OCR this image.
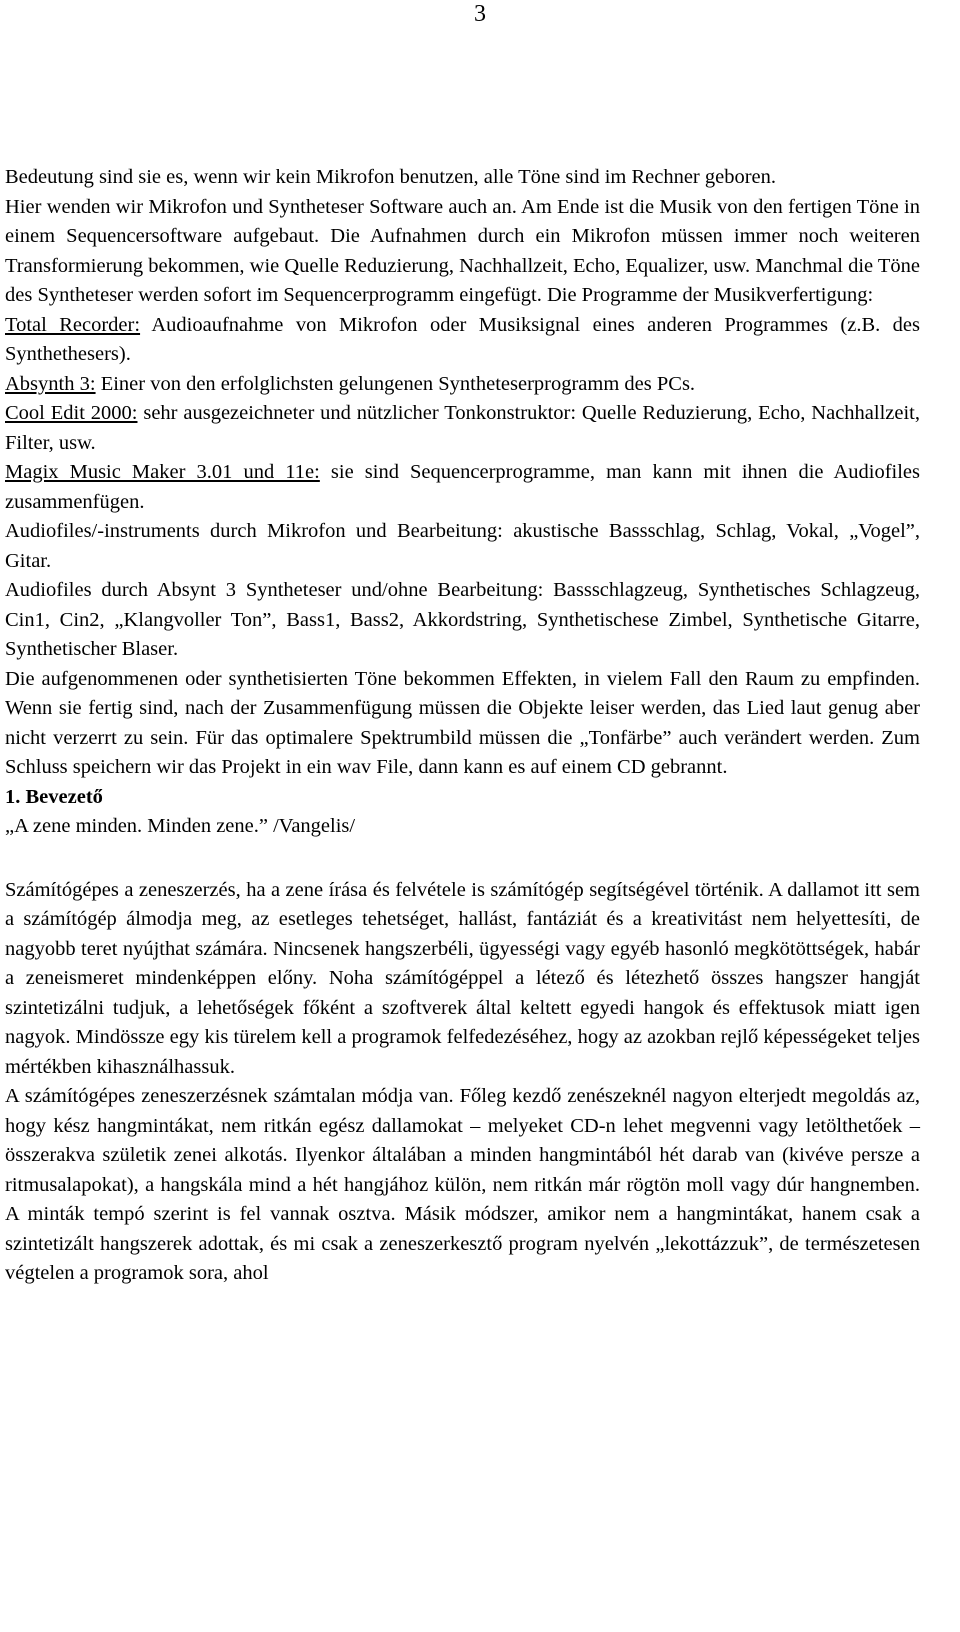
3

Bedeutung sind sie es, wenn wir kein Mikrofon benutzen, alle Töne sind im Rechner geboren.

Hier wenden wir Mikrofon und Syntheteser Software auch an. Am Ende ist die Musik von den fertigen Töne in einem Sequencersoftware aufgebaut. Die Aufnahmen durch ein Mikrofon müssen immer noch weiteren Transformierung bekommen, wie Quelle Reduzierung, Nachhallzeit, Echo, Equalizer, usw. Manchmal die Töne des Syntheteser werden sofort im Sequencerprogramm eingefügt. Die Programme der Musikverfertigung:

Total Recorder: Audioaufnahme von Mikrofon oder Musiksignal eines anderen Programmes (z.B. des Synthethesers).

Absynth 3: Einer von den erfolglichsten gelungenen Syntheteserprogramm des PCs.

Cool Edit 2000: sehr ausgezeichneter und nützlicher Tonkonstruktor: Quelle Reduzierung, Echo, Nachhallzeit, Filter, usw.

Magix Music Maker 3.01 und 11e: sie sind Sequencerprogramme, man kann mit ihnen die Audiofiles zusammenfügen.

Audiofiles/-instruments durch Mikrofon und Bearbeitung: akustische Bassschlag, Schlag, Vokal, „Vogel”, Gitar.

Audiofiles durch Absynt 3 Syntheteser und/ohne Bearbeitung: Bassschlagzeug, Synthetisches Schlagzeug, Cin1, Cin2, „Klangvoller Ton”, Bass1, Bass2, Akkordstring, Synthetischese Zimbel, Synthetische Gitarre, Synthetischer Blaser.

Die aufgenommenen oder synthetisierten Töne bekommen Effekten, in vielem Fall den Raum zu empfinden. Wenn sie fertig sind, nach der Zusammenfügung müssen die Objekte leiser werden, das Lied laut genug aber nicht verzerrt zu sein. Für das optimalere Spektrumbild müssen die „Tonfärbe” auch verändert werden. Zum Schluss speichern wir das Projekt in ein wav File, dann kann es auf einem CD gebrannt.

1. Bevezető

„A zene minden. Minden zene.” /Vangelis/

Számítógépes a zeneszerzés, ha a zene írása és felvétele is számítógép segítségével történik. A dallamot itt sem a számítógép álmodja meg, az esetleges tehetséget, hallást, fantáziát és a kreativitást nem helyettesíti, de nagyobb teret nyújthat számára. Nincsenek hangszerbéli, ügyességi vagy egyéb hasonló megkötöttségek, habár a zeneismeret mindenképpen előny. Noha számítógéppel a létező és létezhető összes hangszer hangját szintetizálni tudjuk, a lehetőségek főként a szoftverek által keltett egyedi hangok és effektusok miatt igen nagyok. Mindössze egy kis türelem kell a programok felfedezéséhez, hogy az azokban rejlő képességeket teljes mértékben kihasználhassuk.

A számítógépes zeneszerzésnek számtalan módja van. Főleg kezdő zenészeknél nagyon elterjedt megoldás az, hogy kész hangmintákat, nem ritkán egész dallamokat – melyeket CD-n lehet megvenni vagy letölthetőek – összerakva születik zenei alkotás. Ilyenkor általában a minden hangmintából hét darab van (kivéve persze a ritmusalapokat), a hangskála mind a hét hangjához külön, nem ritkán már rögtön moll vagy dúr hangnemben. A minták tempó szerint is fel vannak osztva. Másik módszer, amikor nem a hangmintákat, hanem csak a szintetizált hangszerek adottak, és mi csak a zeneszerkesztő program nyelvén „lekottázzuk”, de természetesen végtelen a programok sora, ahol
